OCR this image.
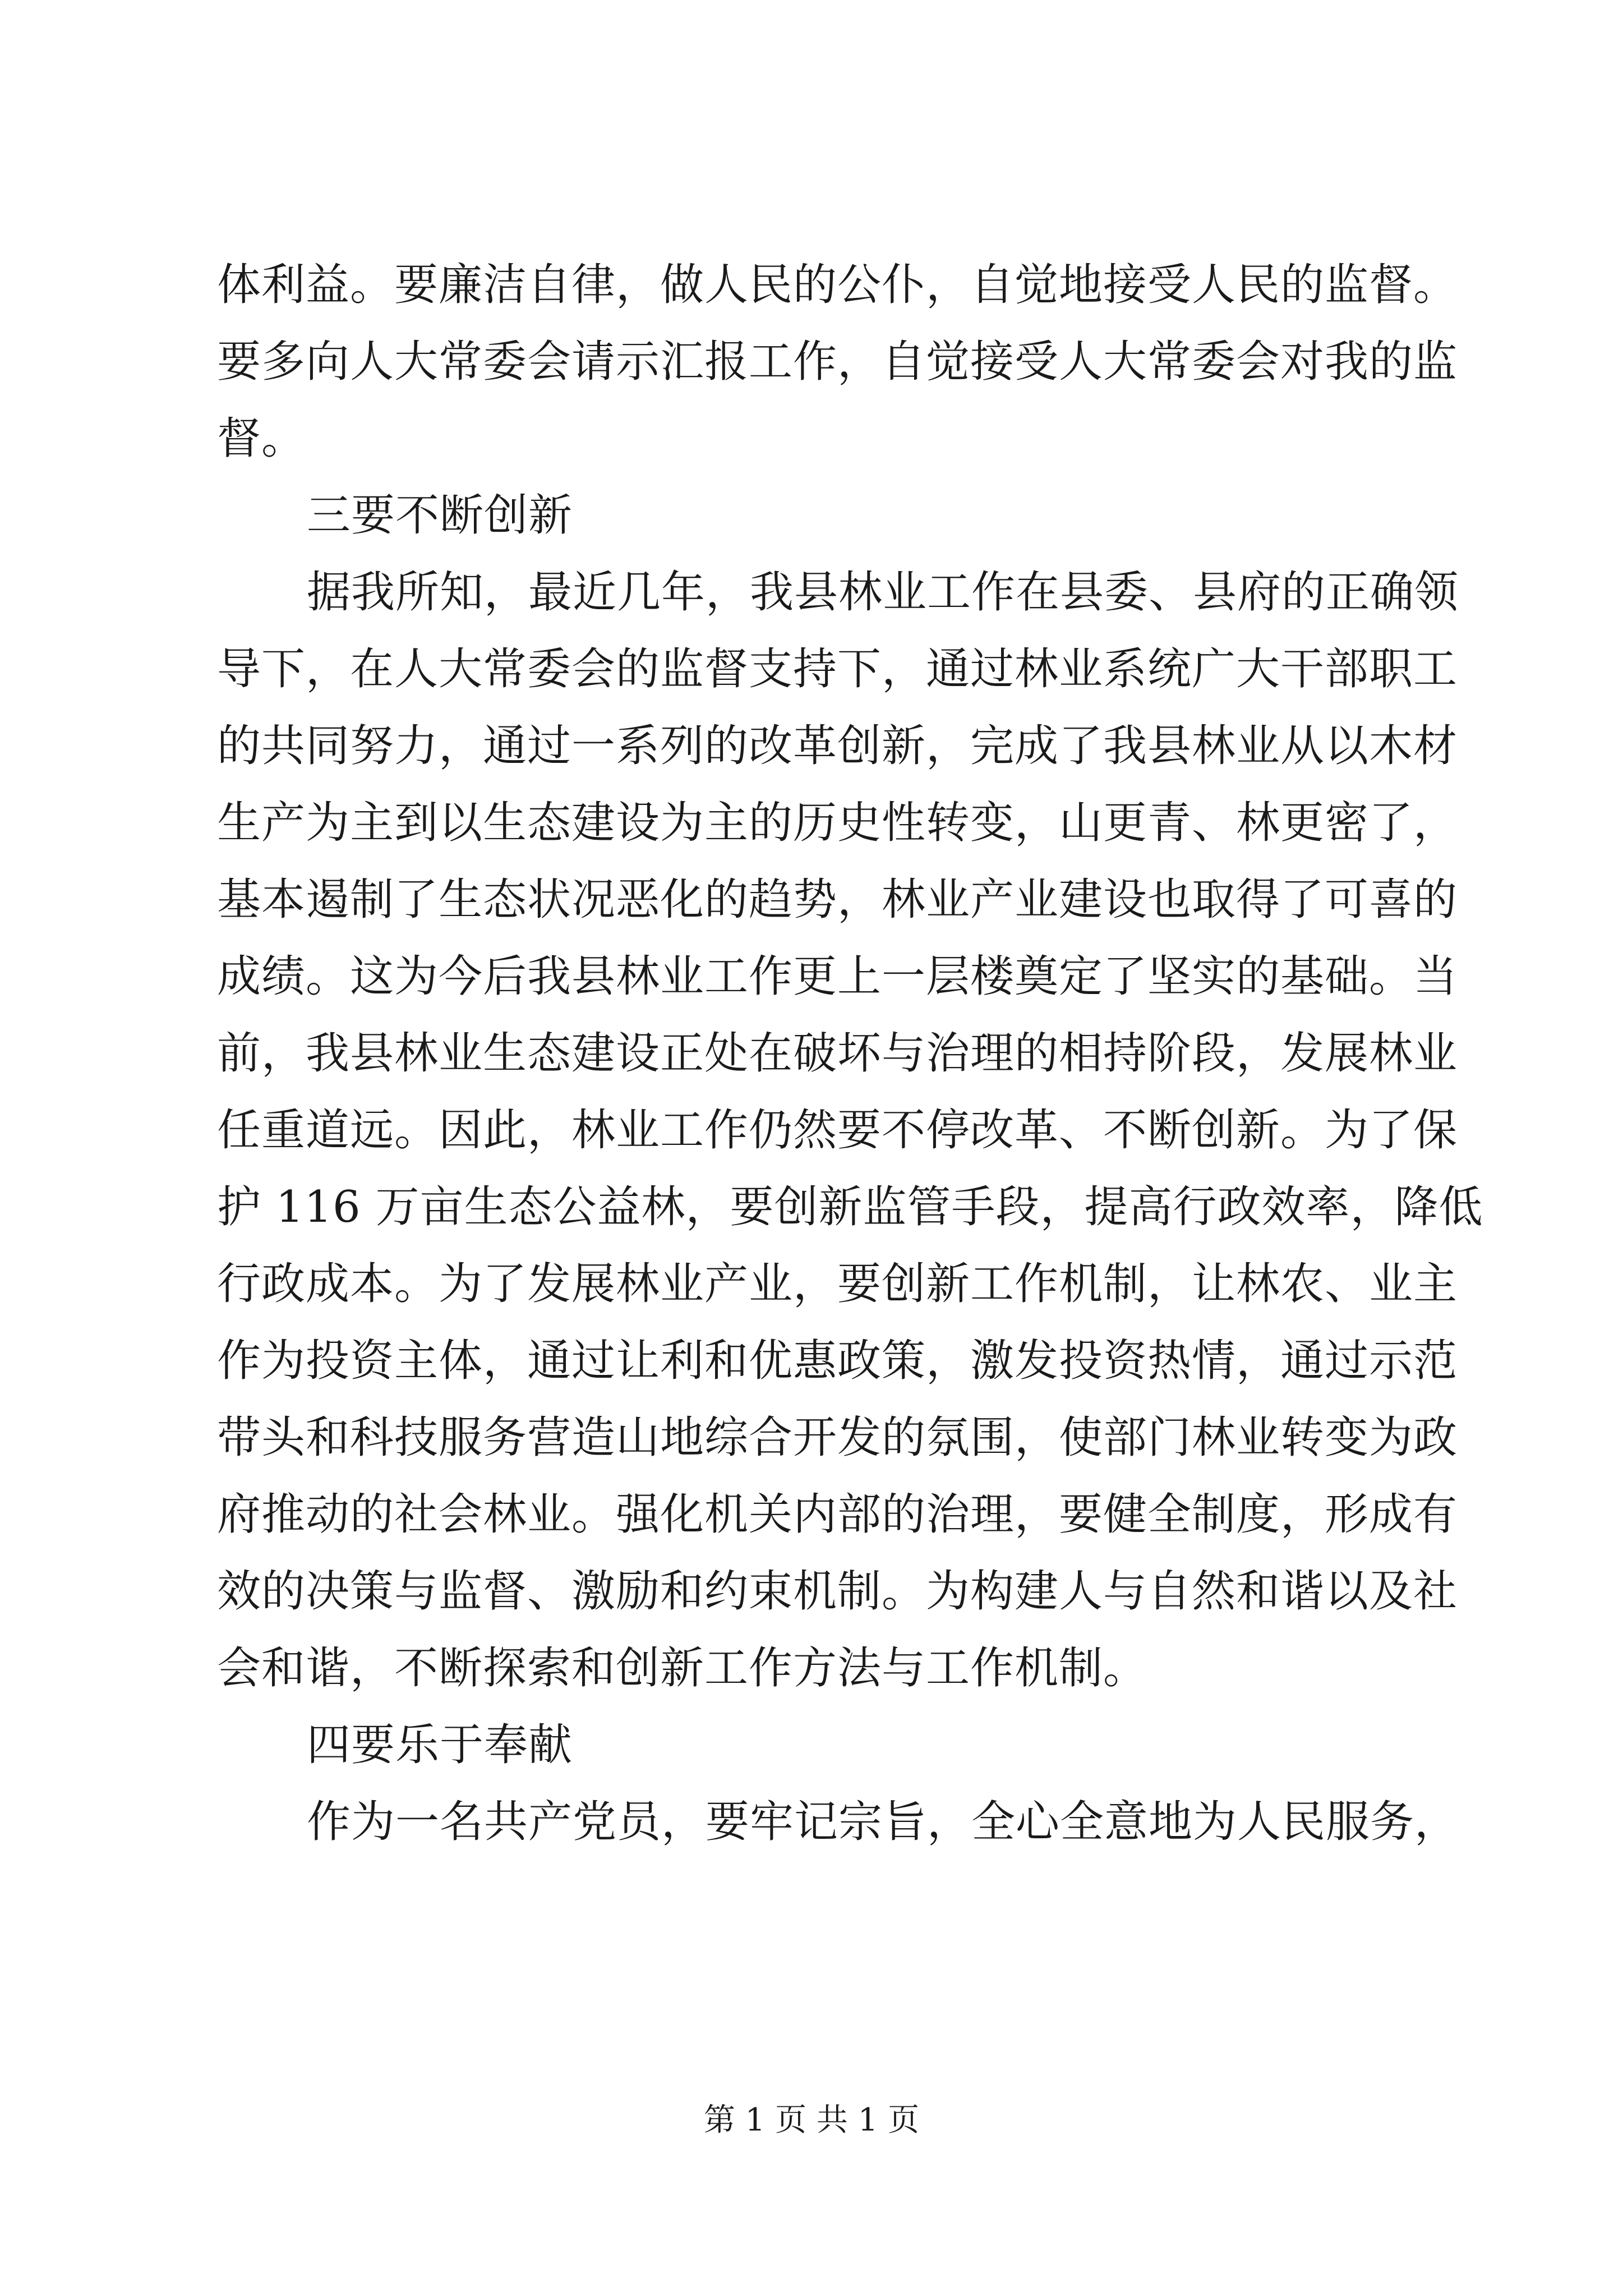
体利益。要廉洁自律，做人民的公仆，自觉地接受人民的监督。
要多向人大常委会请示汇报工作，自觉接受人大常委会对我的监
督。
三要不断创新
据我所知，最近几年，我县林业工作在县委、县府的正确领
导下，在人大常委会的监督支持下，通过林业系统广大干部职工
的共同努力，通过一系列的改革创新，完成了我县林业从以木材
生产为主到以生态建设为主的历史性转变，山更青、林更密了，
基本遏制了生态状况恶化的趋势，林业产业建设也取得了可喜的
成绩。这为今后我县林业工作更上一层楼奠定了坚实的基础。当
前，我县林业生态建设正处在破坏与治理的相持阶段，发展林业
任重道远。因此，林业工作仍然要不停改革、不断创新。为了保
护 116 万亩生态公益林，要创新监管手段，提高行政效率，降低
行政成本。为了发展林业产业，要创新工作机制，让林农、业主
作为投资主体，通过让利和优惠政策，激发投资热情，通过示范
带头和科技服务营造山地综合开发的氛围，使部门林业转变为政
府推动的社会林业。强化机关内部的治理，要健全制度，形成有
效的决策与监督、激励和约束机制。为构建人与自然和谐以及社
会和谐，不断探索和创新工作方法与工作机制。
四要乐于奉献
作为一名共产党员，要牢记宗旨，全心全意地为人民服务，
第 1 页 共 1 页
